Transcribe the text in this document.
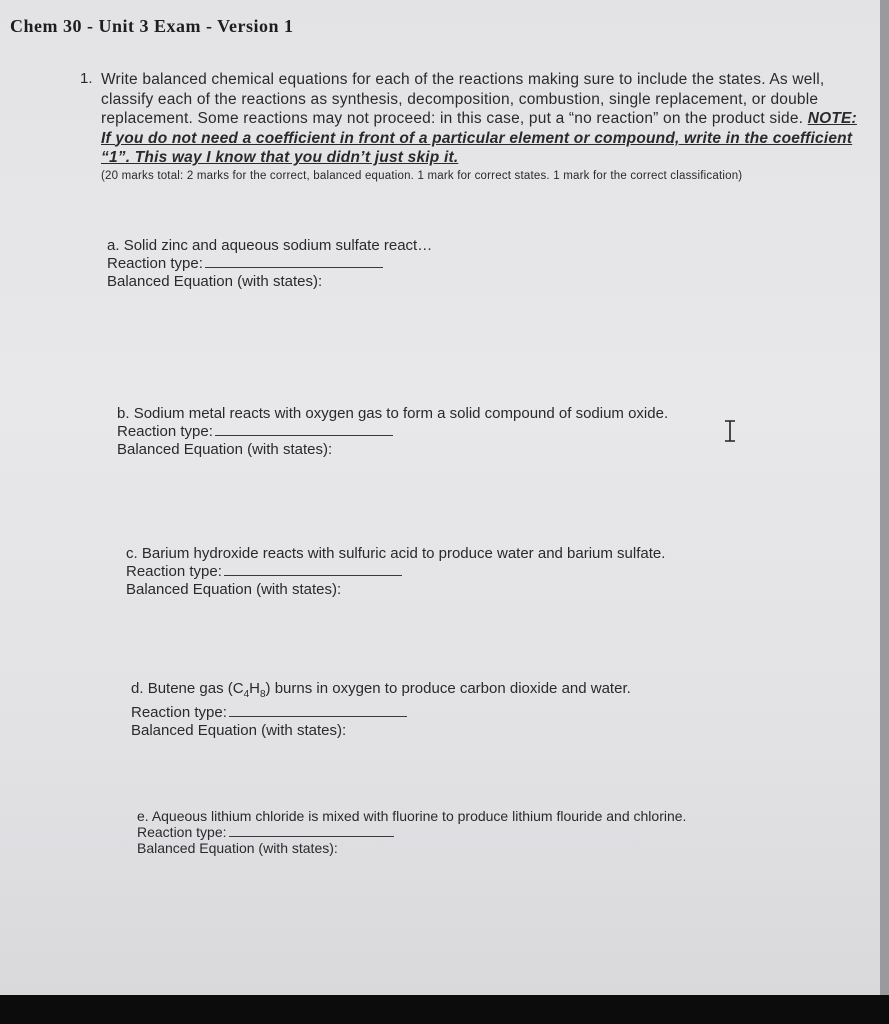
Chem 30 - Unit 3 Exam - Version 1
1. Write balanced chemical equations for each of the reactions making sure to include the states. As well, classify each of the reactions as synthesis, decomposition, combustion, single replacement, or double replacement. Some reactions may not proceed: in this case, put a “no reaction” on the product side. NOTE: If you do not need a coefficient in front of a particular element or compound, write in the coefficient “1”. This way I know that you didn’t just skip it.
(20 marks total: 2 marks for the correct, balanced equation. 1 mark for correct states. 1 mark for the correct classification)
a. Solid zinc and aqueous sodium sulfate react…
Reaction type:
Balanced Equation (with states):
b. Sodium metal reacts with oxygen gas to form a solid compound of sodium oxide.
Reaction type:
Balanced Equation (with states):
c. Barium hydroxide reacts with sulfuric acid to produce water and barium sulfate.
Reaction type:
Balanced Equation (with states):
d. Butene gas $(C_4H_8)$ burns in oxygen to produce carbon dioxide and water.
Reaction type:
Balanced Equation (with states):
e. Aqueous lithium chloride is mixed with fluorine to produce lithium flouride and chlorine.
Reaction type:
Balanced Equation (with states):
